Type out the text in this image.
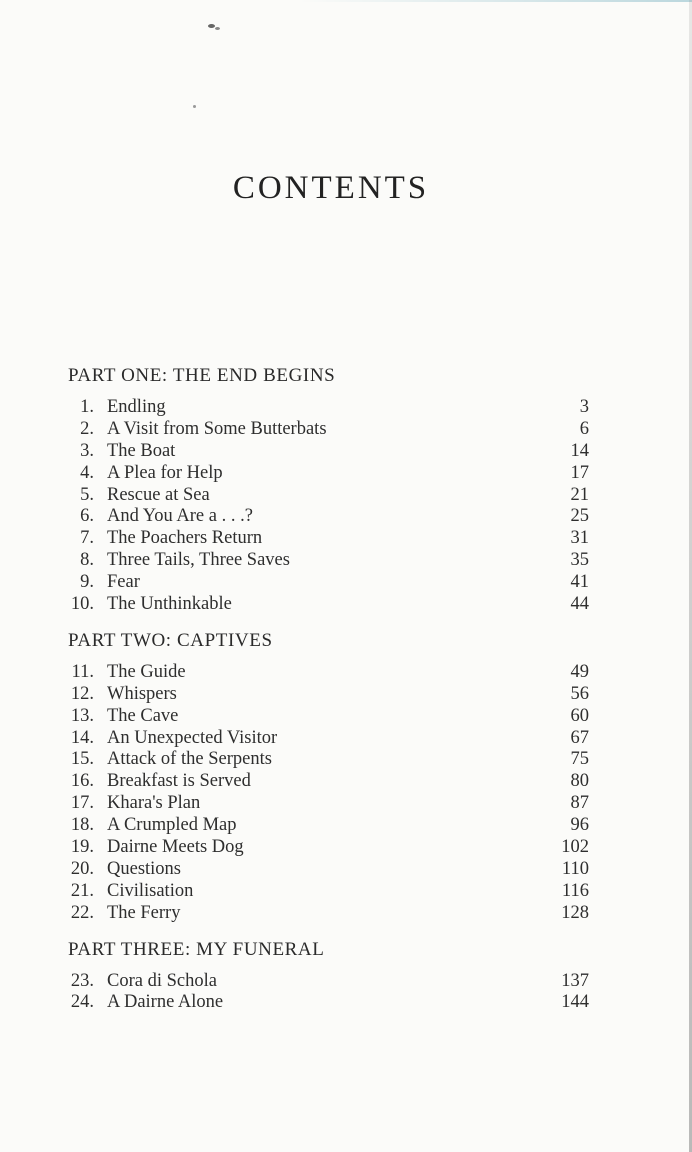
CONTENTS
PART ONE: THE END BEGINS
1. Endling	3
2. A Visit from Some Butterbats	6
3. The Boat	14
4. A Plea for Help	17
5. Rescue at Sea	21
6. And You Are a . . .?	25
7. The Poachers Return	31
8. Three Tails, Three Saves	35
9. Fear	41
10. The Unthinkable	44
PART TWO: CAPTIVES
11. The Guide	49
12. Whispers	56
13. The Cave	60
14. An Unexpected Visitor	67
15. Attack of the Serpents	75
16. Breakfast is Served	80
17. Khara's Plan	87
18. A Crumpled Map	96
19. Dairne Meets Dog	102
20. Questions	110
21. Civilisation	116
22. The Ferry	128
PART THREE: MY FUNERAL
23. Cora di Schola	137
24. A Dairne Alone	144
